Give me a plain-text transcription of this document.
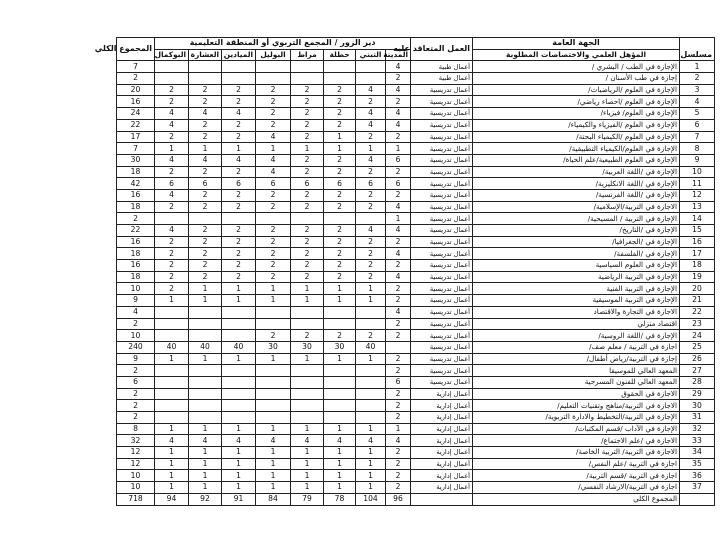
مسلسل	الجهة العامة	العمل المتعاقد عليه	دير الزور / المجمع التربوي أو المنطقة التعليمية								المجموع الكلي
	المؤهل العلمي والاختصاصات المطلوبة		المدينة	التبني	حطلة	مراط	البوليل	الميادين	العشارة	البوكمال	
1	الإجازة في الطب / البشري /	أعمال طبية	4								7
2	إجازة في طب الأسنان /	أعمال طبية	2								2
3	الإجازة في العلوم /الرياضيات/	أعمال تدريسية	4	4	2	2	2	2	2	2	20
4	الإجازة في العلوم /احصاء رياضي/	أعمال تدريسية	2	2	2	2	2	2	2	2	16
5	الإجازة في العلوم/ فيزياء/	أعمال تدريسية	4	4	2	2	2	4	4	4	24
6	الإجازة في العلوم /الفيزياء والكيمياء/	أعمال تدريسية	4	4	2	2	2	2	2	4	22
7	الإجازة في العلوم /الكيمياء البحتة/	أعمال تدريسية	2	2	1	2	4	2	2	2	17
8	الإجازة في العلوم/الكيمياء التطبيقية/	أعمال تدريسية	1	1	1	1	1	1	1	1	7
9	الإجازة في العلوم الطبيعية/علم الحياة/	أعمال تدريسية	6	4	2	2	4	4	4	4	30
10	الإجازة في /اللغة العربية/	أعمال تدريسية	2	2	2	2	4	2	2	2	18
11	الإجازة في /اللغة الانكليزية/	أعمال تدريسية	6	6	6	6	6	6	6	6	42
12	الإجازة في /اللغة الفرنسية/	أعمال تدريسية	2	2	2	2	2	2	2	4	16
13	الاجازة في التربية/الإسلامية/	أعمال تدريسية	4	2	2	2	2	2	2	2	18
14	الإجازة في التربية / المسيحية/	أعمال تدريسية	1								2
15	الإجازة في /التاريخ/	أعمال تدريسية	4	4	2	2	2	2	2	4	22
16	الإجازة في /الجغرافيا/	أعمال تدريسية	2	2	2	2	2	2	2	2	16
17	الإجازة في /الفلسفة/	أعمال تدريسية	4	2	2	2	2	2	2	2	18
18	الإجازة في العلوم السياسية	أعمال تدريسية	2	2	2	2	2	2	2	2	16
19	الإجازة في التربية الرياضية	أعمال تدريسية	4	2	2	2	2	2	2	2	18
20	الإجازة في التربية الفنية	أعمال تدريسية	2	1	1	1	1	1	1	2	10
21	الإجازة في التربية الموسيقية	أعمال تدريسية	2	1	1	1	1	1	1	1	9
22	الاجازة في التجارة والاقتصاد	أعمال تدريسية	4								4
23	اقتصاد منزلي	أعمال تدريسية	2								2
24	الإجازة في /اللغة الروسية/	أعمال تدريسية	2	2	2	2	2				10
25	اجازة في التربية / معلم صف/	أعمال تدريسية		40	30	30	30	40	40	40	240
26	إجازة في التربية/رياض أطفال/	أعمال تدريسية	2	1	1	1	1	1	1	1	9
27	المعهد العالي للموسيقا	أعمال تدريسية	2								2
28	المعهد العالي للفنون المسرحية	أعمال تدريسية	6								6
29	الاجازة في الحقوق	أعمال إدارية	2								2
30	الاجازة في التربية/مناهج وتقنيات التعليم/	أعمال إدارية	2								2
31	الإجازة في التربية/التخطيط والادارة التربوية/	أعمال إدارية	2								2
32	الإجازة في الآداب /قسم المكتبات/	أعمال إدارية	1	1	1	1	1	1	1	1	8
33	الاجازة في /علم الاجتماع/	أعمال إدارية	4	4	4	4	4	4	4	4	32
34	الاجازة في التربية/ التربية الخاصة/	أعمال إدارية	2	1	1	1	1	1	1	1	12
35	اجازة في التربية /علم النفس/	أعمال إدارية	2	1	1	1	1	1	1	1	12
36	اجازة في التربية /قسم التربية/	أعمال إدارية	2	1	1	1	1	1	1	1	10
37	اجازة في التربية/الارشاد النفسي/	أعمال إدارية	2	1	1	1	1	1	1	1	10
	المجموع الكلي		96	104	78	79	84	91	92	94	718
